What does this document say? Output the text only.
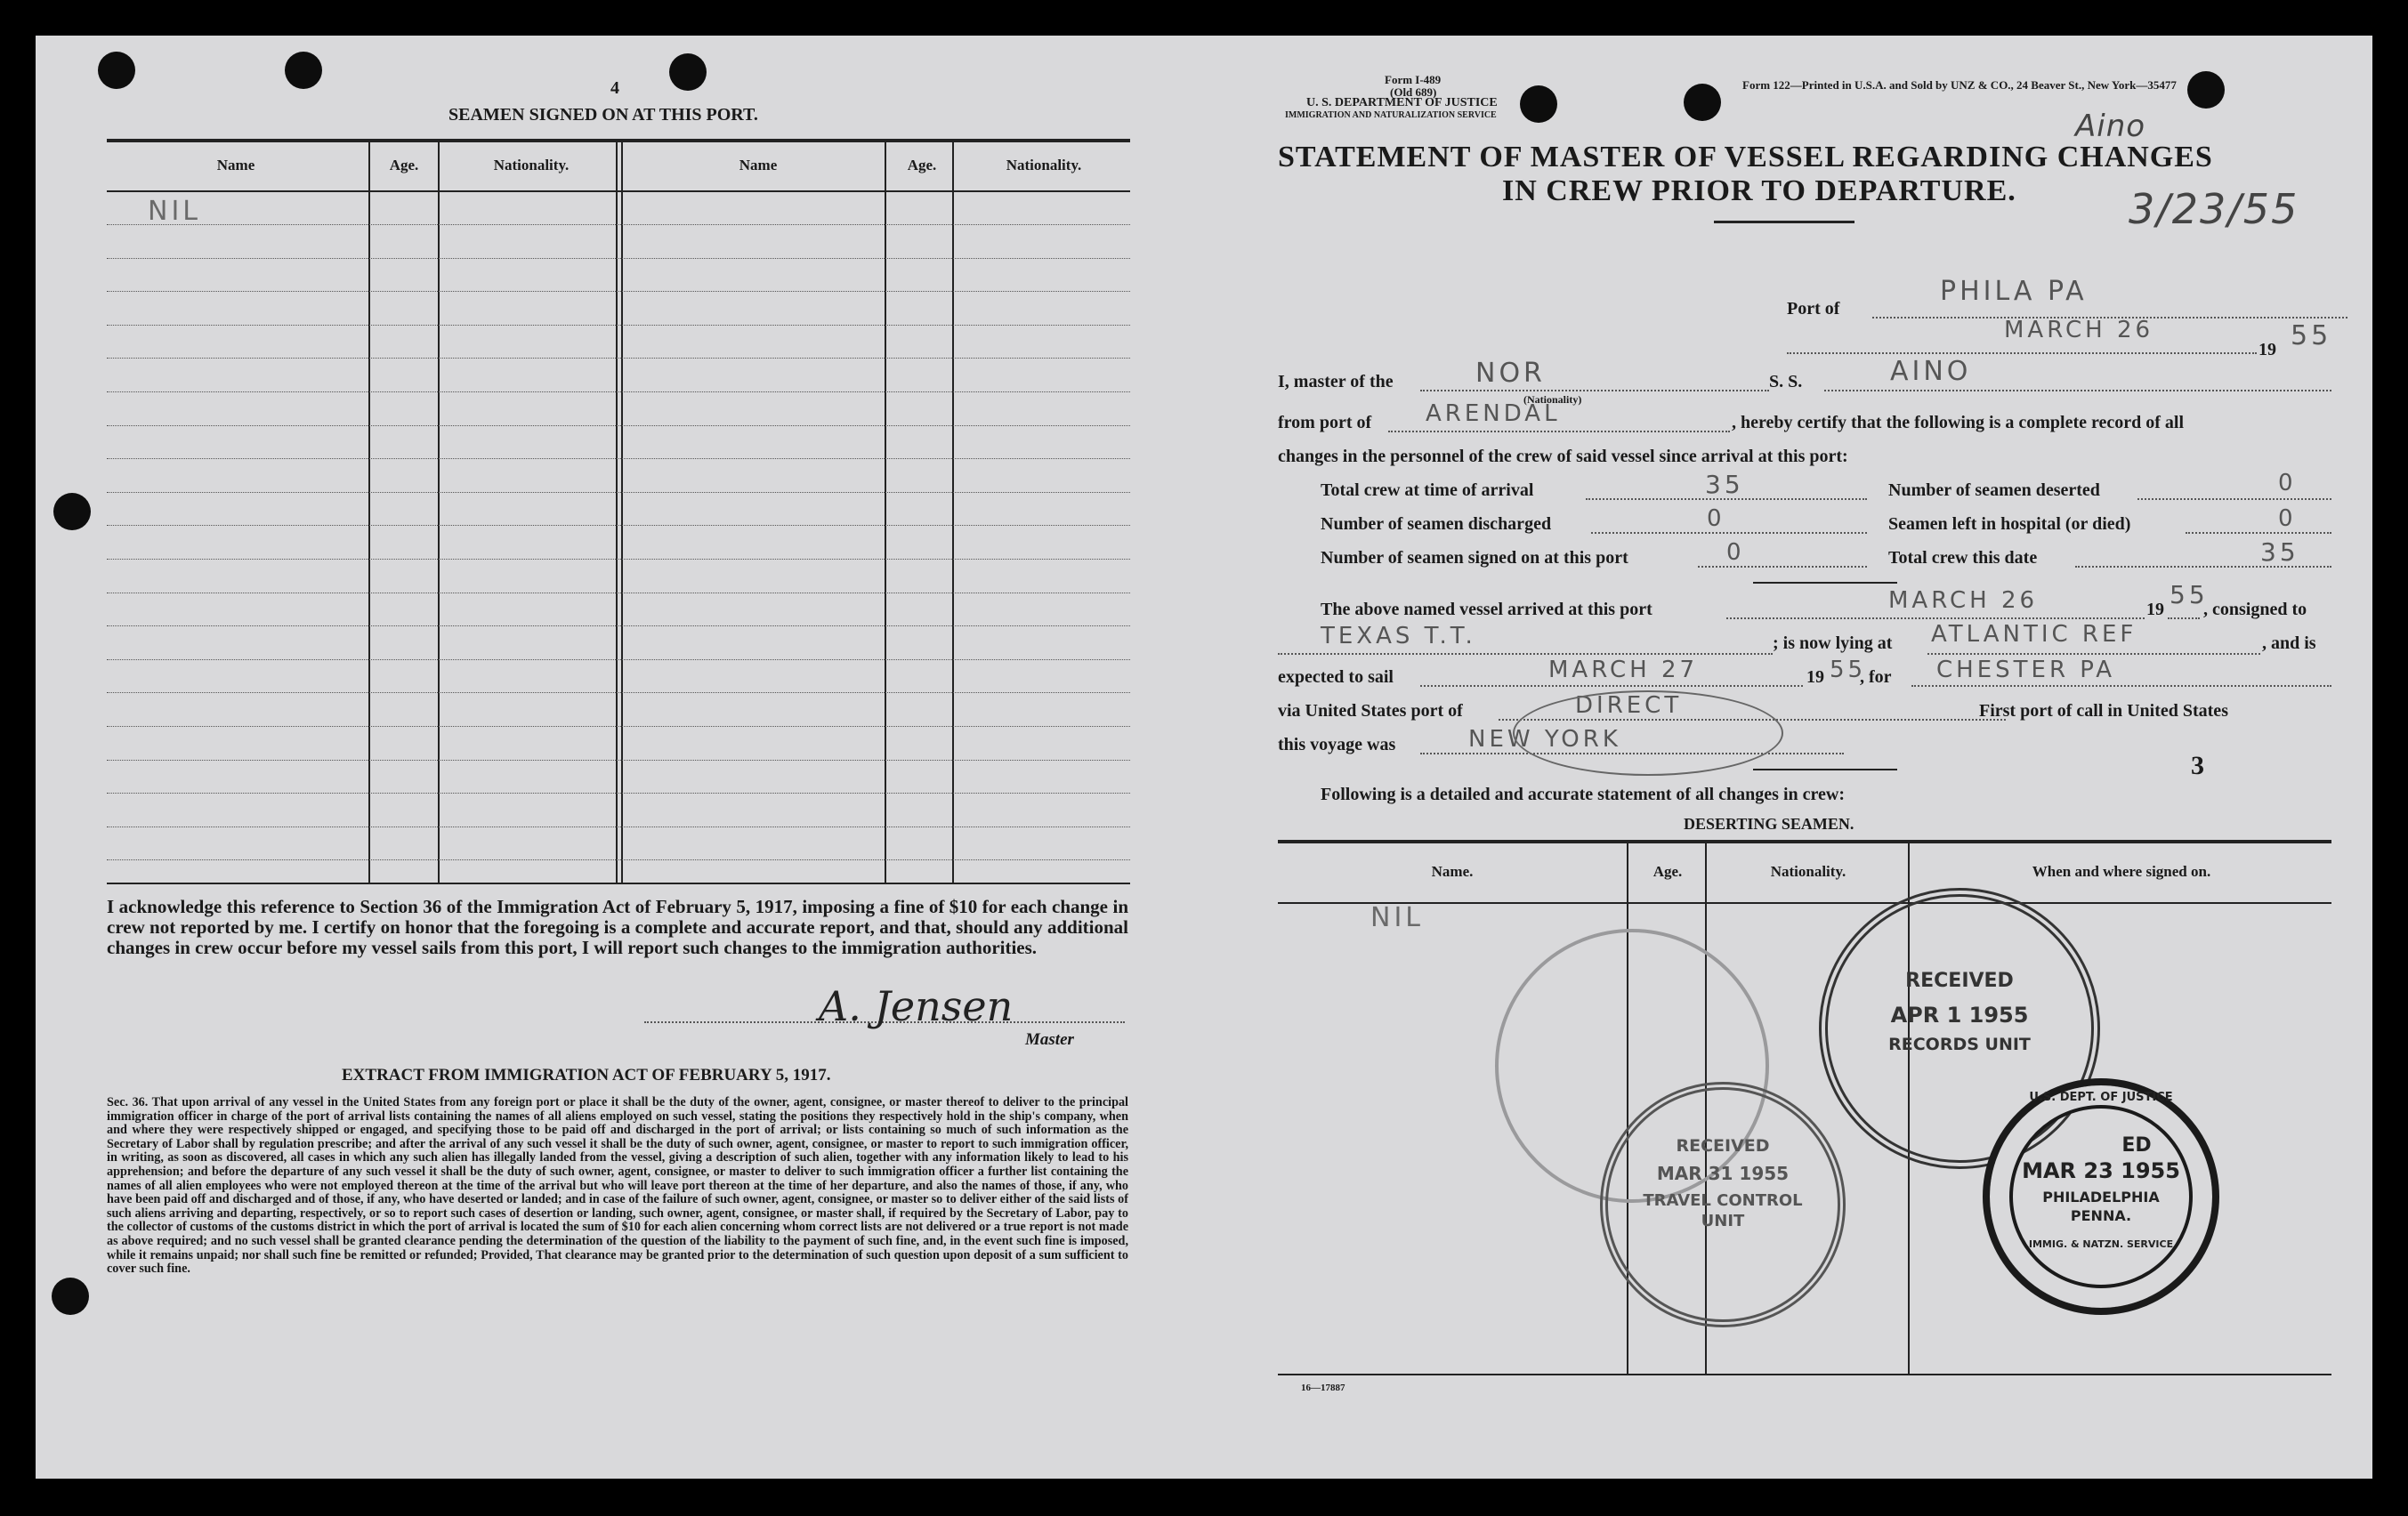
4
SEAMEN SIGNED ON AT THIS PORT.
Name	Age.	Nationality.	Name	Age.	Nationality.
NIL
I acknowledge this reference to Section 36 of the Immigration Act of February 5, 1917, imposing a fine of $10 for each change in crew not reported by me. I certify on honor that the foregoing is a complete and accurate report, and that, should any additional changes in crew occur before my vessel sails from this port, I will report such changes to the immigration authorities.
A. Jensen
Master
EXTRACT FROM IMMIGRATION ACT OF FEBRUARY 5, 1917.
Sec. 36. That upon arrival of any vessel in the United States from any foreign port or place it shall be the duty of the owner, agent, consignee, or master thereof to deliver to the principal immigration officer in charge of the port of arrival lists containing the names of all aliens employed on such vessel, stating the positions they respectively hold in the ship's company, when and where they were respectively shipped or engaged, and specifying those to be paid off and discharged in the port of arrival; or lists containing so much of such information as the Secretary of Labor shall by regulation prescribe; and after the arrival of any such vessel it shall be the duty of such owner, agent, consignee, or master to report to such immigration officer, in writing, as soon as discovered, all cases in which any such alien has illegally landed from the vessel, giving a description of such alien, together with any information likely to lead to his apprehension; and before the departure of any such vessel it shall be the duty of such owner, agent, consignee, or master to deliver to such immigration officer a further list containing the names of all alien employees who were not employed thereon at the time of the arrival but who will leave port thereon at the time of her departure, and also the names of those, if any, who have been paid off and discharged and of those, if any, who have deserted or landed; and in case of the failure of such owner, agent, consignee, or master so to deliver either of the said lists of such aliens arriving and departing, respectively, or so to report such cases of desertion or landing, such owner, agent, consignee, or master shall, if required by the Secretary of Labor, pay to the collector of customs of the customs district in which the port of arrival is located the sum of $10 for each alien concerning whom correct lists are not delivered or a true report is not made as above required; and no such vessel shall be granted clearance pending the determination of the question of the liability to the payment of such fine, and, in the event such fine is imposed, while it remains unpaid; nor shall such fine be remitted or refunded; Provided, That clearance may be granted prior to the determination of such question upon deposit of a sum sufficient to cover such fine.
Form I-489
(Old 689)
U. S. DEPARTMENT OF JUSTICE
IMMIGRATION AND NATURALIZATION SERVICE
Form 122—Printed in U.S.A. and Sold by UNZ & CO., 24 Beaver St., New York—35477
Aino
3/23/55
STATEMENT OF MASTER OF VESSEL REGARDING CHANGES
IN CREW PRIOR TO DEPARTURE.
Port of
PHILA PA
MARCH 26
19 55
I, master of the	NOR
(Nationality)
S. S.	AINO
from port of ARENDAL	, hereby certify that the following is a complete record of all
changes in the personnel of the crew of said vessel since arrival at this port:
Total crew at time of arrival	35
Number of seamen discharged	0
Number of seamen signed on at this port	0
Number of seamen deserted	0
Seamen left in hospital (or died)	0
Total crew this date	35
The above named vessel arrived at this port	MARCH 26	19 55
, consigned to
TEXAS T.T.	; is now lying at ATLANTIC REF	, and is
expected to sail	MARCH 27	19 55
, for CHESTER PA
via United States port of	DIRECT	First port of call in United States
this voyage was	NEW YORK
3
Following is a detailed and accurate statement of all changes in crew:
DESERTING SEAMEN.
Name.	Age.	Nationality.	When and where signed on.
NIL
16—17887
RECEIVED
APR 1 1955
RECORDS UNIT
RECEIVED
MAR 31 1955
TRAVEL CONTROL
UNIT
U.S. DEPT. OF JUSTICE
ED
MAR 23 1955
PHILADELPHIA
PENNA.
IMMIG. & NATZN. SERVICE
